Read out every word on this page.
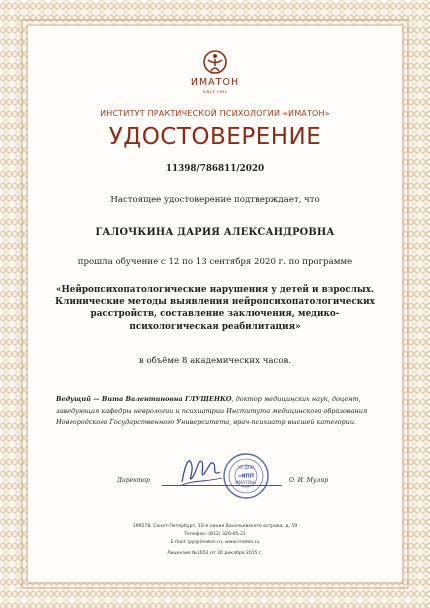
ИМАТОН
SINCE 1990
ИНСТИТУТ ПРАКТИЧЕСКОЙ ПСИХОЛОГИИ «ИМАТОН»
УДОСТОВЕРЕНИЕ
11398/786811/2020
Настоящее удостоверение подтверждает, что
ГАЛОЧКИНА ДАРИЯ АЛЕКСАНДРОВНА
прошла обучение с 12 по 13 сентября 2020 г. по программе
«Нейропсихопатологические нарушения у детей и взрослых.
Клинические методы выявления нейропсихопатологических
расстройств, составление заключения, медико-
психологическая реабилитация»
в объёме 8 академических часов.
Ведущий — Вита Валентиновна ГЛУЩЕНКО, доктор медицинских наук, доцент, заведующая кафедры неврологии и психиатрии Института медицинского образования Новгородского Государственного Университета, врач-психиатр высшей категории.
Директор	О. И. Муляр
ЧУ ДПО
«ИПП
ИМАТОН»
199178, Санкт-Петербург, 10-я линия Васильевского острова, д. 59
Телефон: (812) 320-05-21
E-mail: ipp@imaton.ru, www.imaton.ru
Лицензия №1652 от 30 декабря 2015 г.
